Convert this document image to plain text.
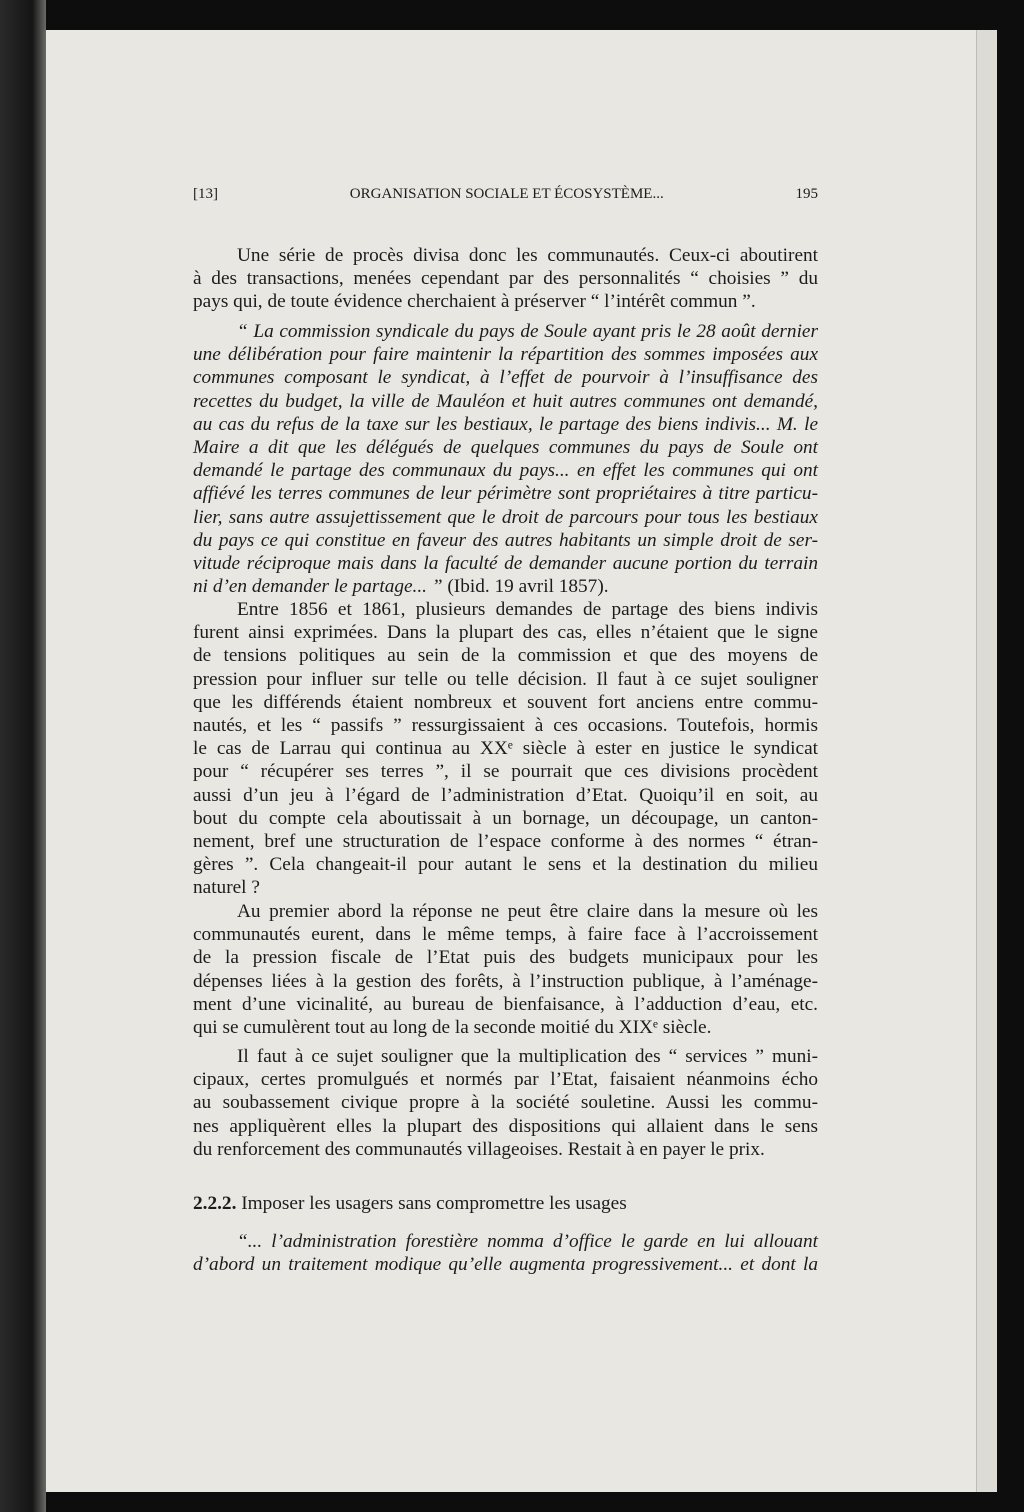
[13]	ORGANISATION SOCIALE ET ÉCOSYSTÈME...	195
Une série de procès divisa donc les communautés. Ceux-ci aboutirent
à des transactions, menées cependant par des personnalités “ choisies ” du
pays qui, de toute évidence cherchaient à préserver “ l’intérêt commun ”.
“ La commission syndicale du pays de Soule ayant pris le 28 août dernier
une délibération pour faire maintenir la répartition des sommes imposées aux
communes composant le syndicat, à l’effet de pourvoir à l’insuffisance des
recettes du budget, la ville de Mauléon et huit autres communes ont demandé,
au cas du refus de la taxe sur les bestiaux, le partage des biens indivis... M. le
Maire a dit que les délégués de quelques communes du pays de Soule ont
demandé le partage des communaux du pays... en effet les communes qui ont
affiévé les terres communes de leur périmètre sont propriétaires à titre particu-
lier, sans autre assujettissement que le droit de parcours pour tous les bestiaux
du pays ce qui constitue en faveur des autres habitants un simple droit de ser-
vitude réciproque mais dans la faculté de demander aucune portion du terrain
ni d’en demander le partage... ” (Ibid. 19 avril 1857).
Entre 1856 et 1861, plusieurs demandes de partage des biens indivis
furent ainsi exprimées. Dans la plupart des cas, elles n’étaient que le signe
de tensions politiques au sein de la commission et que des moyens de
pression pour influer sur telle ou telle décision. Il faut à ce sujet souligner
que les différends étaient nombreux et souvent fort anciens entre commu-
nautés, et les “ passifs ” ressurgissaient à ces occasions. Toutefois, hormis
le cas de Larrau qui continua au XXᵉ siècle à ester en justice le syndicat
pour “ récupérer ses terres ”, il se pourrait que ces divisions procèdent
aussi d’un jeu à l’égard de l’administration d’Etat. Quoiqu’il en soit, au
bout du compte cela aboutissait à un bornage, un découpage, un canton-
nement, bref une structuration de l’espace conforme à des normes “ étran-
gères ”. Cela changeait-il pour autant le sens et la destination du milieu
naturel ?
Au premier abord la réponse ne peut être claire dans la mesure où les
communautés eurent, dans le même temps, à faire face à l’accroissement
de la pression fiscale de l’Etat puis des budgets municipaux pour les
dépenses liées à la gestion des forêts, à l’instruction publique, à l’aménage-
ment d’une vicinalité, au bureau de bienfaisance, à l’adduction d’eau, etc.
qui se cumulèrent tout au long de la seconde moitié du XIXᵉ siècle.
Il faut à ce sujet souligner que la multiplication des “ services ” muni-
cipaux, certes promulgués et normés par l’Etat, faisaient néanmoins écho
au soubassement civique propre à la société souletine. Aussi les commu-
nes appliquèrent elles la plupart des dispositions qui allaient dans le sens
du renforcement des communautés villageoises. Restait à en payer le prix.
2.2.2. Imposer les usagers sans compromettre les usages
“... l’administration forestière nomma d’office le garde en lui allouant
d’abord un traitement modique qu’elle augmenta progressivement... et dont la
